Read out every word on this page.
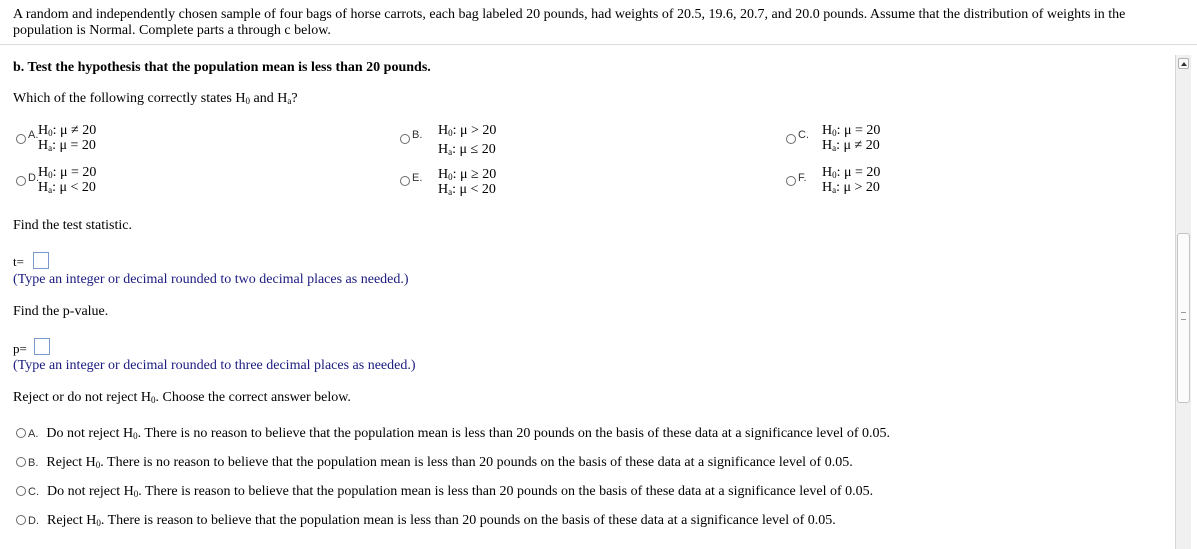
A random and independently chosen sample of four bags of horse carrots, each bag labeled 20 pounds, had weights of 20.5, 19.6, 20.7, and 20.0 pounds. Assume that the distribution of weights in the population is Normal. Complete parts a through c below.
b. Test the hypothesis that the population mean is less than 20 pounds.
Which of the following correctly states $H_0$ and $H_a$?
A. $H_0$: μ ≠ 20
$H_a$: μ = 20
B. $H_0$: μ > 20
$H_a$: μ ≤ 20
C. $H_0$: μ = 20
$H_a$: μ ≠ 20
D. $H_0$: μ = 20
$H_a$: μ < 20
E. $H_0$: μ ≥ 20
$H_a$: μ < 20
F. $H_0$: μ = 20
$H_a$: μ > 20
Find the test statistic.
t=
(Type an integer or decimal rounded to two decimal places as needed.)
Find the p-value.
p=
(Type an integer or decimal rounded to three decimal places as needed.)
Reject or do not reject $H_0$. Choose the correct answer below.
A. Do not reject $H_0$. There is no reason to believe that the population mean is less than 20 pounds on the basis of these data at a significance level of 0.05.
B. Reject $H_0$. There is no reason to believe that the population mean is less than 20 pounds on the basis of these data at a significance level of 0.05.
C. Do not reject $H_0$. There is reason to believe that the population mean is less than 20 pounds on the basis of these data at a significance level of 0.05.
D. Reject $H_0$. There is reason to believe that the population mean is less than 20 pounds on the basis of these data at a significance level of 0.05.
